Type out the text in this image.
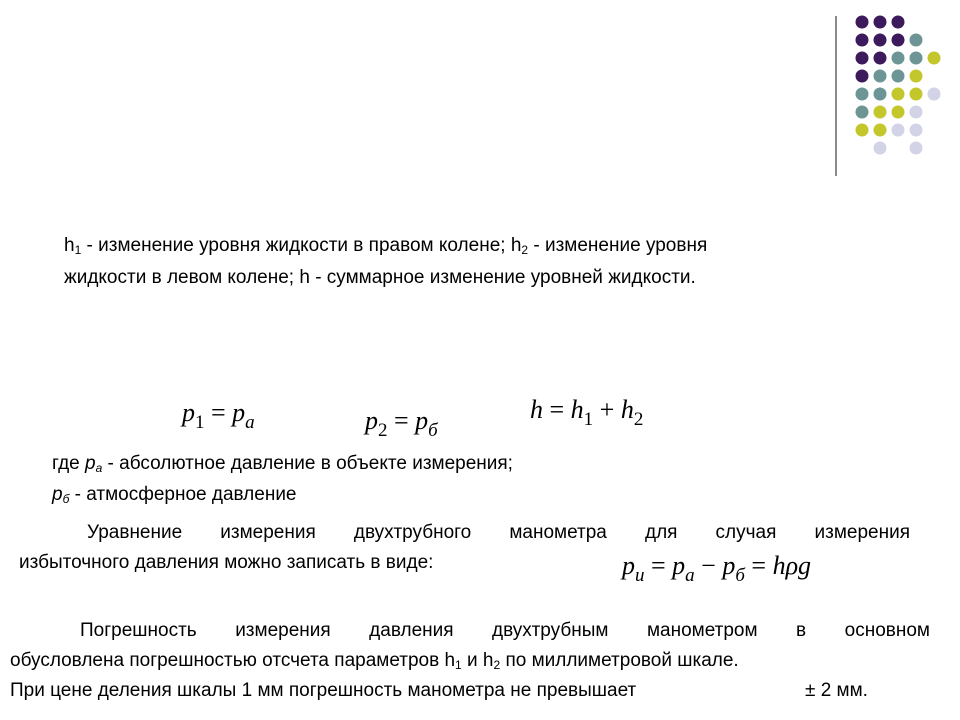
$h_1$ - изменение уровня жидкости в правом колене; $h_2$ - изменение уровня
жидкости в левом колене; h - суммарное изменение уровней жидкости.
$p_1 = p_a$	$p_2 = p_б$
$h = h_1 + h_2$
где $p_а$ - абсолютное давление в объекте измерения;
$p_б$ - атмосферное давление
Уравнение измерения двухтрубного манометра для случая измерения
избыточного давления можно записать в виде:	$p_и = p_a - p_б = h\rho g$
Погрешность измерения давления двухтрубным манометром в основном
обусловлена погрешностью отсчета параметров $h_1$ и $h_2$ по миллиметровой шкале.
При цене деления шкалы 1 мм погрешность манометра не превышает	± 2 мм.
